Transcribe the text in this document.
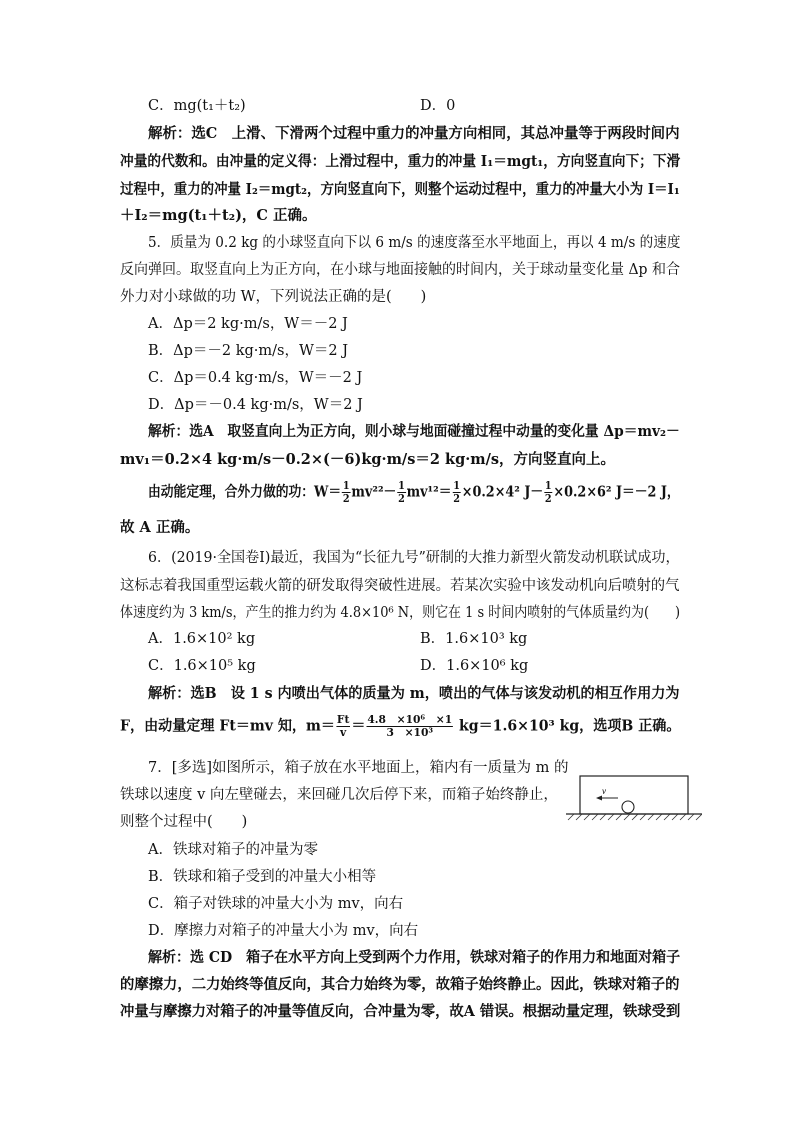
C．mg(t₁＋t₂)	D．0
解析：选C　上滑、下滑两个过程中重力的冲量方向相同，其总冲量等于两段时间内
冲量的代数和。由冲量的定义得：上滑过程中，重力的冲量 I₁＝mgt₁，方向竖直向下；下滑
过程中，重力的冲量 I₂＝mgt₂，方向竖直向下，则整个运动过程中，重力的冲量大小为 I＝I₁
＋I₂＝mg(t₁＋t₂)，C 正确。
5．质量为 0.2 kg 的小球竖直向下以 6 m/s 的速度落至水平地面上，再以 4 m/s 的速度
反向弹回。取竖直向上为正方向，在小球与地面接触的时间内，关于球动量变化量 Δp 和合
外力对小球做的功 W，下列说法正确的是(　　)
A．Δp＝2 kg·m/s，W＝－2 J
B．Δp＝－2 kg·m/s，W＝2 J
C．Δp＝0.4 kg·m/s，W＝－2 J
D．Δp＝－0.4 kg·m/s，W＝2 J
解析：选A　取竖直向上为正方向，则小球与地面碰撞过程中动量的变化量 Δp＝mv₂－
mv₁＝0.2×4 kg·m/s－0.2×(－6)kg·m/s＝2 kg·m/s，方向竖直向上。
由动能定理，合外力做的功：$W= \frac{1}{2} mv^{22}- \frac{1}{2} mv^{12}= \frac{1}{2} \times 0.2\times 4^2$ $J- \frac{1}{2} \times 0.2\times 6^2$ J＝－2 J，
故 A 正确。
6．(2019·全国卷Ⅰ)最近，我国为“长征九号”研制的大推力新型火箭发动机联试成功，
这标志着我国重型运载火箭的研发取得突破性进展。若某次实验中该发动机向后喷射的气
体速度约为 3 km/s，产生的推力约为 4.8×10⁶ N，则它在 1 s 时间内喷射的气体质量约为(　　)
A．1.6×10² kg	B．1.6×10³ kg
C．1.6×10⁵ kg	D．1.6×10⁶ kg
解析：选B　设 1 s 内喷出气体的质量为 m，喷出的气体与该发动机的相互作用力为
F，由动量定理 Ft＝mv 知，$m= \frac{Ft}{v} = \frac{\text{4.8　×10⁶　×1}}{\text{3　×10³}} kg=1.6\times 10^3$ kg，选项B 正确。
7．[多选]如图所示，箱子放在水平地面上，箱内有一质量为 m 的
铁球以速度 v 向左壁碰去，来回碰几次后停下来，而箱子始终静止，
则整个过程中(　　)
v
A．铁球对箱子的冲量为零
B．铁球和箱子受到的冲量大小相等
C．箱子对铁球的冲量大小为 mv，向右
D．摩擦力对箱子的冲量大小为 mv，向右
解析：选 CD　箱子在水平方向上受到两个力作用，铁球对箱子的作用力和地面对箱子
的摩擦力，二力始终等值反向，其合力始终为零，故箱子始终静止。因此，铁球对箱子的
冲量与摩擦力对箱子的冲量等值反向，合冲量为零，故A 错误。根据动量定理，铁球受到
